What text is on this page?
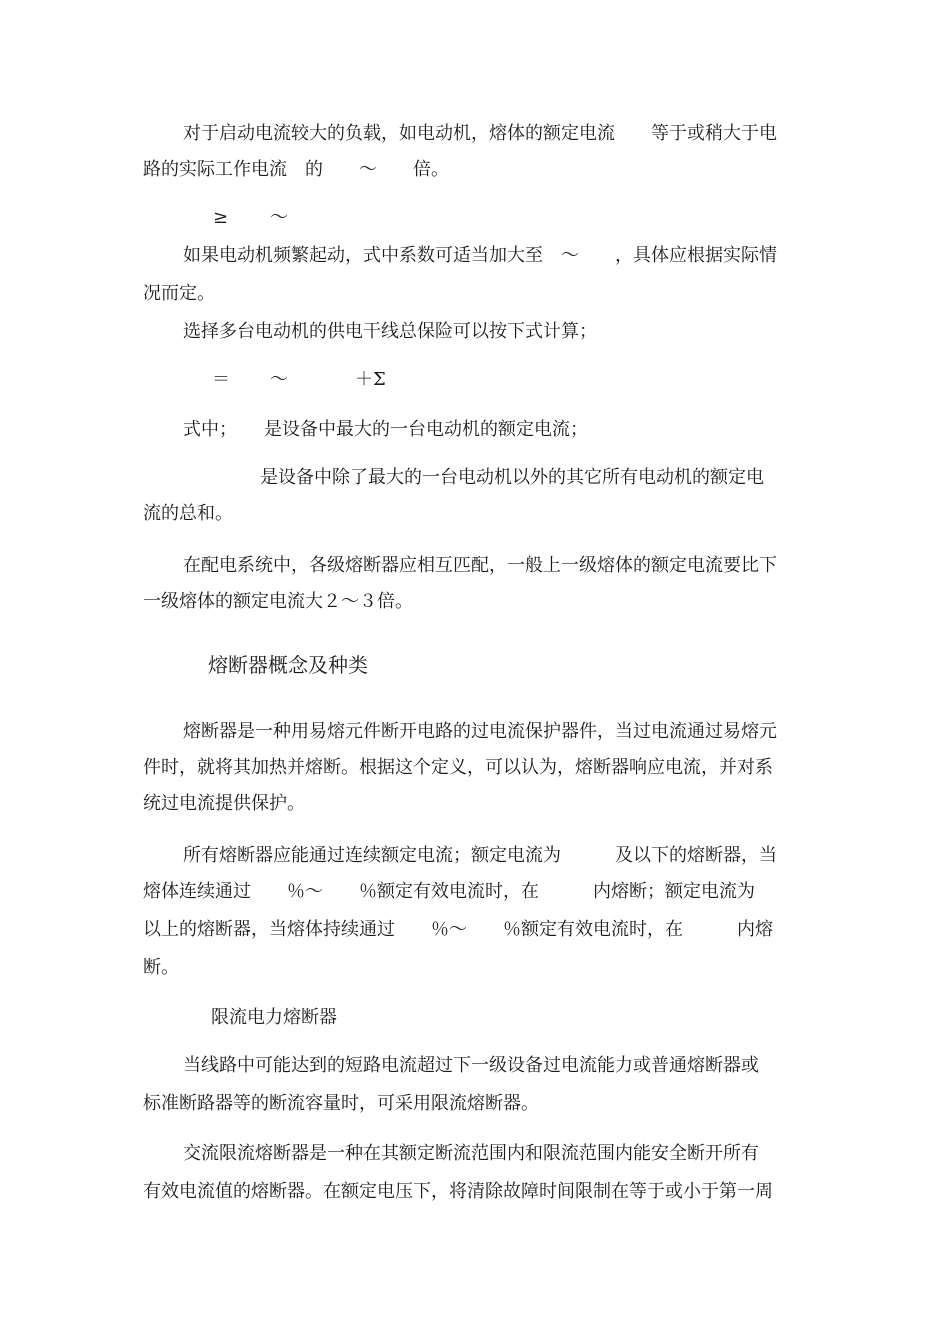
对于启动电流较大的负载，如电动机，熔体的额定电流　　等于或稍大于电
路的实际工作电流　的　　～　　倍。
≥ ～
如果电动机频繁起动，式中系数可适当加大至　～　　，具体应根据实际情
况而定。
选择多台电动机的供电干线总保险可以按下式计算；
＝ ～	＋Σ
式中；　　是设备中最大的一台电动机的额定电流；
是设备中除了最大的一台电动机以外的其它所有电动机的额定电
流的总和。
在配电系统中，各级熔断器应相互匹配，一般上一级熔体的额定电流要比下
一级熔体的额定电流大２～３倍。
熔断器概念及种类
熔断器是一种用易熔元件断开电路的过电流保护器件，当过电流通过易熔元
件时，就将其加热并熔断。根据这个定义，可以认为，熔断器响应电流，并对系
统过电流提供保护。
所有熔断器应能通过连续额定电流；额定电流为　　　及以下的熔断器，当
熔体连续通过　　％～　　％额定有效电流时，在　　　内熔断；额定电流为
以上的熔断器，当熔体持续通过　　％～　　％额定有效电流时，在　　　内熔
断。
限流电力熔断器
当线路中可能达到的短路电流超过下一级设备过电流能力或普通熔断器或
标准断路器等的断流容量时，可采用限流熔断器。
交流限流熔断器是一种在其额定断流范围内和限流范围内能安全断开所有
有效电流值的熔断器。在额定电压下，将清除故障时间限制在等于或小于第一周
